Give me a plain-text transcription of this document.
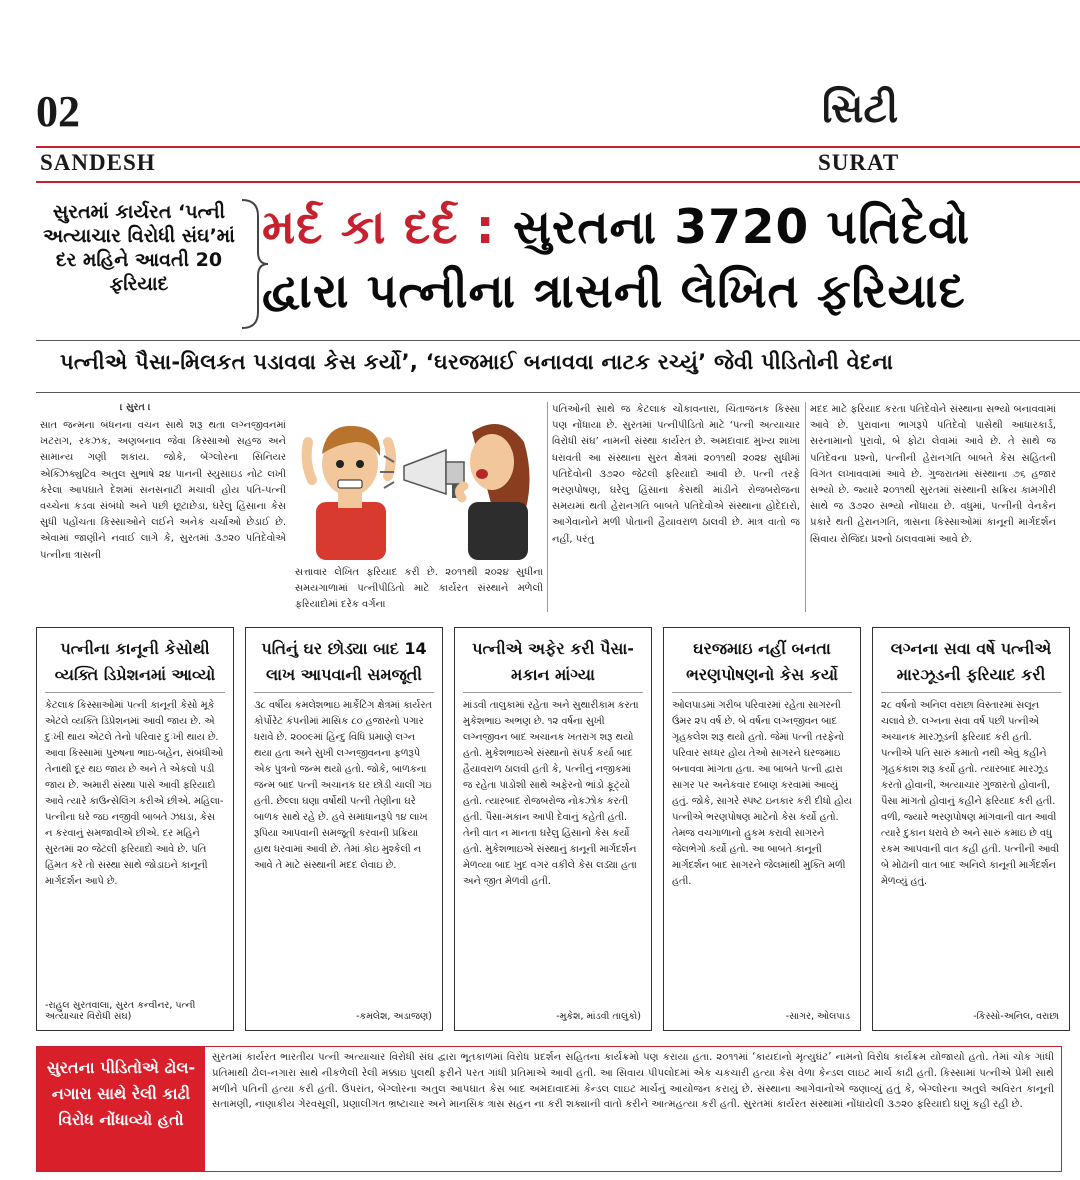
02	સિટી
SANDESH	SURAT
સુરતમાં કાર્યરત ‘પત્ની અત્યાચાર વિરોધી સંઘ’માં દર મહિને આવતી 20 ફરિયાદ
મર્દ કા દર્દ : સુરતના 3720 પતિદેવો
દ્વારા પત્નીના ત્રાસની લેખિત ફરિયાદ
પત્નીએ પૈસા-મિલકત પડાવવા કેસ કર્યો’, ‘ઘરજમાઈ બનાવવા નાટક રચ્યું’ જેવી પીડિતોની વેદના
। સુરત ।
સાત જન્મના બંધનના વચન સાથે શરૂ થતા લગ્નજીવનમાં ખટરાગ, રકઝક, અણબનાવ જેવા કિસ્સાઓ સહજ અને સામાન્ય ગણી શકાય. જોકે, બેંગ્લોરના સિનિયર એક્ઝિક્યુટિવ અતુલ સુભાષે ૨૪ પાનની સ્યુસાઇડ નોટ લખી કરેલા આપઘાતે દેશમાં સનસનાટી મચાવી હોય પતિ-પત્ની વચ્ચેના કડવા સંબંધો અને પછી છૂટાછેડા, ઘરેલુ હિંસાના કેસ સુધી પહોંચતા કિસ્સાઓને લઈને અનેક ચર્ચાઓ છેડાઈ છે. એવામાં જાણીને નવાઈ લાગે કે, સુરતમાં ૩૭૨૦ પતિદેવોએ પત્નીના ત્રાસની
સત્તાવાર લેખિત ફરિયાદ કરી છે. ૨૦૧૧થી ૨૦૨૪ સુધીના સમયગાળામાં પત્નીપીડિતો માટે કાર્યરત સંસ્થાને મળેલી ફરિયાદોમાં દરેક વર્ગના
પતિઓની સાથે જ કેટલાક ચોંકાવનારા, ચિંતાજનક કિસ્સા પણ નોંધાયા છે. સુરતમાં પત્નીપીડિતો માટે ‘પત્ની અત્યાચાર વિરોધી સંઘ’ નામની સંસ્થા કાર્યરત છે. અમદાવાદ મુખ્ય શાખા ધરાવતી આ સંસ્થાના સુરત ક્ષેત્રમાં ૨૦૧૧થી ૨૦૨૪ સુધીમાં પતિદેવોની ૩૭૨૦ જેટલી ફરિયાદો આવી છે. પત્ની તરફે ભરણપોષણ, ઘરેલુ હિંસાના કેસથી માંડીને રોજબરોજના સમયમાં થતી હેરાનગતિ બાબતે પતિદેવોએ સંસ્થાના હોદેદારો, આગેવાનોને મળી પોતાની હૈયાવરાળ ઠાલવી છે. માત્ર વાતો જ નહીં, પરંતુ
મદદ માટે ફરિયાદ કરતા પતિદેવોને સંસ્થાના સભ્યો બનાવવામાં આવે છે. પુરાવાના ભાગરૂપે પતિદેવો પાસેથી આધારકાર્ડ, સરનામાનો પુરાવો, બે ફોટા લેવામાં આવે છે. તે સાથે જ પતિદેવના પ્રશ્નો, પત્નીની હેરાનગતિ બાબતે કેસ સહિતની વિગત લખાવવામાં આવે છે. ગુજરાતમાં સંસ્થાના ૭૬ હજાર સભ્યો છે. જ્યારે ૨૦૧૧થી સુરતમાં સંસ્થાની સક્રિય કામગીરી સાથે જ ૩૭૨૦ સભ્યો નોંધાયા છે. વધુમાં, પત્નીની વેનકેન પ્રકારે થતી હેરાનગતિ, ત્રાસના કિસ્સાઓમાં કાનૂની માર્ગદર્શન સિવાય રોજિંદા પ્રશ્નો ઠાલવવામાં આવે છે.
પત્નીના કાનૂની કેસોથી વ્યક્તિ ડિપ્રેશનમાં આવ્યો
કેટલાક કિસ્સાઓમાં પત્ની કાનૂની કેસો મૂકે એટલે વ્યક્તિ ડિપ્રેશનમાં આવી જાય છે. એ દુઃખી થાય એટલે તેનો પરિવાર દુઃખી થાય છે. આવા કિસ્સામાં પુરુષના ભાઇ-બહેન, સંબંધીઓ તેનાથી દૂર થઇ જાય છે અને તે એકલો પડી જાય છે. અમારી સંસ્થા પાસે આવી ફરિયાદો આવે ત્યારે કાઉન્સેલિંગ કરીએ છીએ. મહિલા-પત્નીના ઘરે જઇ નજીવી બાબતે ઝઘડા, કેસ ન કરવાનું સમજાવીએ છીએ. દર મહિને સુરતમાં ૨૦ જેટલી ફરિયાદો આવે છે. પતિ હિંમત કરે તો સંસ્થા સાથે જોડાઇને કાનૂની માર્ગદર્શન આપે છે.
-રાહુલ સુરતવાલા, સુરત કન્વીનર, પત્ની અત્યાચાર વિરોધી સંઘ)
પતિનું ઘર છોડ્યા બાદ 14 લાખ આપવાની સમજૂતી
૩૮ વર્ષીય કમલેશભાઇ માર્કેટિંગ ક્ષેત્રમાં કાર્યરત કોર્પોરેટ કંપનીમાં માસિક ૮૦ હજારનો પગાર ધરાવે છે. ૨૦૦૯માં હિન્દુ વિધિ પ્રમાણે લગ્ન થયા હતા અને સુખી લગ્નજીવનના ફળરૂપે એક પુત્રનો જન્મ થયો હતો. જોકે, બાળકના જન્મ બાદ પત્ની અચાનક ઘર છોડી ચાલી ગઇ હતી. છેલ્લા ઘણા વર્ષોથી પત્ની તેણીના ઘરે બાળક સાથે રહે છે. હવે સમાધાનરૂપે ૧૪ લાખ રૂપિયા આપવાની સમજૂતી કરવાની પ્રક્રિયા હાથ ધરવામાં આવી છે. તેમાં કોઇ મુશ્કેલી ન આવે તે માટે સંસ્થાની મદદ લેવાઇ છે.
-કમલેશ, અડાજણ)
પત્નીએ અફેર કરી પૈસા-મકાન માંગ્યા
માંડવી તાલુકામાં રહેતા અને સુથારીકામ કરતા મુકેશભાઇ અભણ છે. ૧૨ વર્ષના સુખી લગ્નજીવન બાદ અચાનક ખતરાગ શરૂ થયો હતો. મુકેશભાઇએ સંસ્થાનો સંપર્ક કર્યા બાદ હૈયાવરાળ ઠાલવી હતી કે, પત્નીનું નજીકમાં જ રહેતા પાડોશી સાથે અફેરનો ભાંડો ફૂટ્યો હતો. ત્યારબાદ રોજબરોજ નોકઝોક કરતી હતી. પૈસા-મકાન આપી દેવાનું કહેતી હતી. તેની વાત ન માનતા ઘરેલુ હિંસાનો કેસ કર્યો હતો. મુકેશભાઇએ સંસ્થાનું કાનૂની માર્ગદર્શન મેળવ્યા બાદ ખુદ વગર વકીલે કેસ લડ્યા હતા અને જીત મેળવી હતી.
-મુકેશ, માંડવી તાલુકો)
ઘરજમાઇ નહીં બનતા ભરણપોષણનો કેસ કર્યો
ઓલપાડમાં ગરીબ પરિવારમાં રહેતા સાગરની ઉંમર ૨૫ વર્ષ છે. બે વર્ષના લગ્નજીવન બાદ ગૃહકલેશ શરૂ થયો હતો. જેમાં પત્ની તરફેનો પરિવાર સધ્ધર હોય તેઓ સાગરને ઘરજમાઇ બનાવવા માંગતા હતા. આ બાબતે પત્ની દ્વારા સાગર પર અનેકવાર દબાણ કરવામાં આવ્યું હતું. જોકે, સાગરે સ્પષ્ટ ઇનકાર કરી દીધો હોય પત્નીએ ભરણપોષણ માટેનો કેસ કર્યો હતો. તેમજ વચગાળાનો હુકમ કરાવી સાગરને જેલભેગો કર્યો હતો. આ બાબતે કાનૂની માર્ગદર્શન બાદ સાગરને જેલમાંથી મુક્તિ મળી હતી.
-સાગર, ઓલપાડ
લગ્નના સવા વર્ષે પત્નીએ મારઝૂડની ફરિયાદ કરી
૨૮ વર્ષનો અનિલ વરાછા વિસ્તારમાં સલૂન ચલાવે છે. લગ્નના સવા વર્ષ પછી પત્નીએ અચાનક મારઝૂડની ફરિયાદ કરી હતી. પત્નીએ પતિ સારું કમાતો નથી એવું કહીને ગૃહકંકાશ શરૂ કર્યો હતો. ત્યારબાદ મારઝૂડ કરતો હોવાની, અત્યાચાર ગુજારતો હોવાની, પૈસા માંગતો હોવાનું કહીને ફરિયાદ કરી હતી. વળી, જ્યારે ભરણપોષણ માંગવાની વાત આવી ત્યારે દુકાન ધરાવે છે અને સારું કમાઇ છે વધુ રકમ આપવાની વાત કહી હતી. પત્નીની આવી બે મોઢાની વાત બાદ અનિલે કાનૂની માર્ગદર્શન મેળવ્યું હતું.
-કિસ્સો-અનિલ, વરાછા
સુરતના પીડિતોએ ઢોલ-નગારા સાથે રેલી કાઢી વિરોધ નોંધાવ્યો હતો
સુરતમાં કાર્યરત ભારતીય પત્ની અત્યાચાર વિરોધી સંઘ દ્વારા ભૂતકાળમાં વિરોધ પ્રદર્શન સહિતના કાર્યક્રમો પણ કરાયા હતા. ૨૦૧૧માં ‘કાયદાનો મૃત્યુઘંટ’ નામનો વિરોધ કાર્યક્રમ યોજાયો હતો. તેમાં ચોક ગાંધી પ્રતિમાથી ઢોલ-નગારા સાથે નીકળેલી રેલી મક્કાઇ પુલથી ફરીને પરત ગાંધી પ્રતિમાએ આવી હતી. આ સિવાય પીપલોદમાં એક ચકચારી હત્યા કેસ વેળા કેન્ડલ લાઇટ માર્ચ કાઢી હતી. કિસ્સામાં પત્નીએ પ્રેમી સાથે મળીને પતિની હત્યા કરી હતી. ઉપરાંત, બેંગ્લોરના અતુલ આપઘાત કેસ બાદ અમદાવાદમાં કેન્ડલ લાઇટ માર્ચનું આયોજન કરાયું છે. સંસ્થાના આગેવાનોએ જણાવ્યું હતું કે, બેંગ્લોરના અતુલે અવિરત કાનૂની સતામણી, નાણાકીય ગેરવસૂલી, પ્રણાલીગત ભ્રષ્ટાચાર અને માનસિક ત્રાસ સહન ના કરી શક્યાની વાતો કરીને આત્મહત્યા કરી હતી. સુરતમાં કાર્યરત સંસ્થામાં નોંધાયેલી ૩૭૨૦ ફરિયાદો ઘણું કહી રહી છે.
